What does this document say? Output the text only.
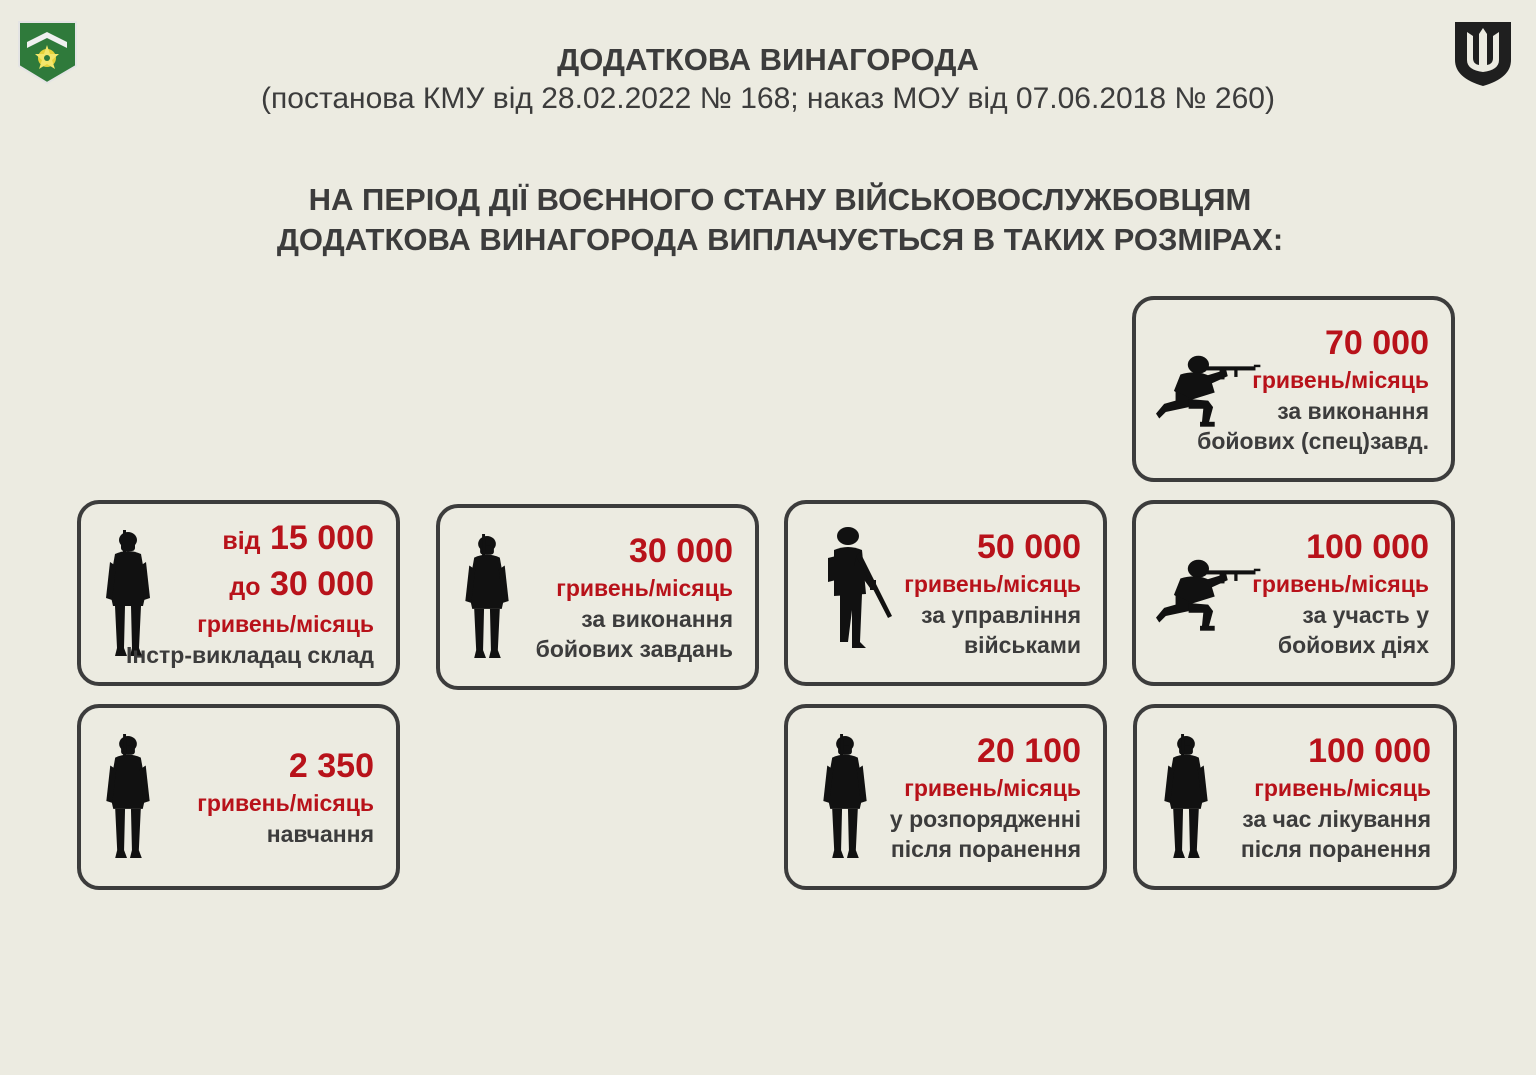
ДОДАТКОВА ВИНАГОРОДА
(постанова КМУ від 28.02.2022 № 168; наказ МОУ від 07.06.2018 № 260)
НА ПЕРІОД ДІЇ ВОЄННОГО СТАНУ ВІЙСЬКОВОСЛУЖБОВЦЯМ
ДОДАТКОВА ВИНАГОРОДА ВИПЛАЧУЄТЬСЯ В ТАКИХ РОЗМІРАХ:
70 000
гривень/місяць
за виконання
бойових (спец)завд.
від 15 000
до 30 000
гривень/місяць
Інстр-викладац склад
30 000
гривень/місяць
за виконання
бойових завдань
50 000
гривень/місяць
за управління
військами
100 000
гривень/місяць
за участь у
бойових діях
2 350
гривень/місяць
навчання
20 100
гривень/місяць
у розпорядженні
після поранення
100 000
гривень/місяць
за час лікування
після поранення
